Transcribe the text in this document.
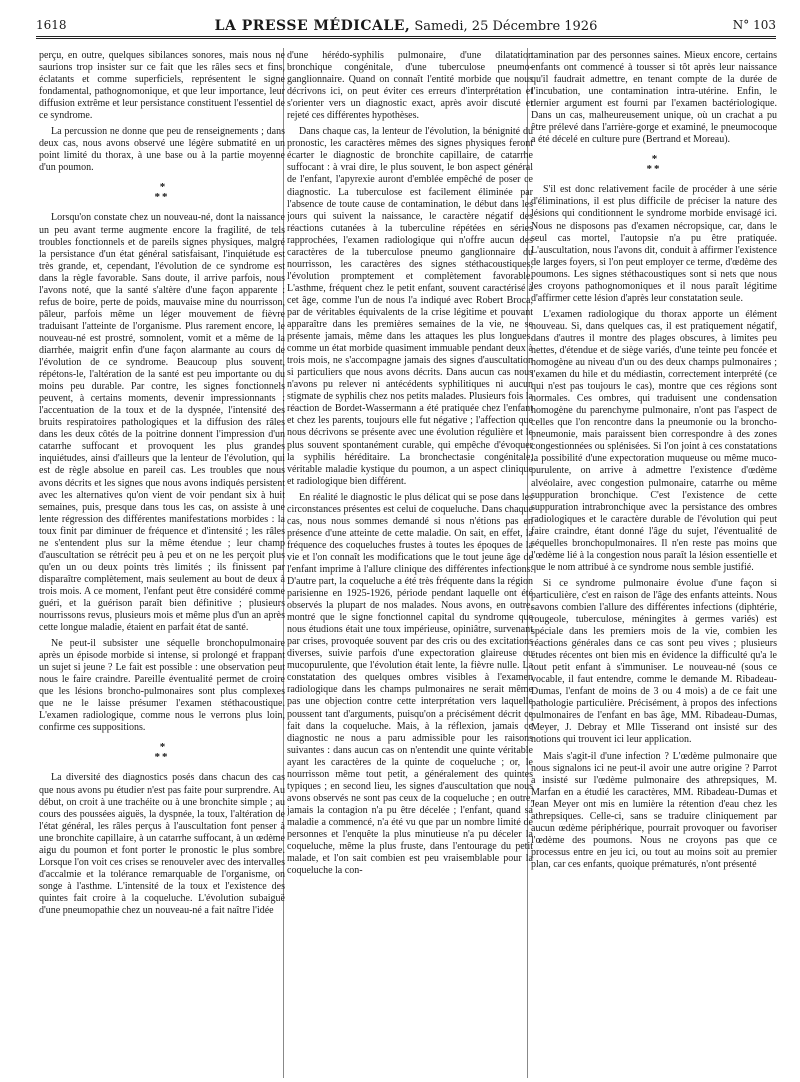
1618	LA PRESSE MÉDICALE, Samedi, 25 Décembre 1926	N° 103

perçu, en outre, quelques sibilances sonores, mais nous ne saurions trop insister sur ce fait que les râles secs et fins, éclatants et comme superficiels, représentent le signe fondamental, pathognomonique, et que leur importance, leur diffusion extrême et leur persistance constituent l'essentiel de ce syndrome.

La percussion ne donne que peu de renseignements ; dans deux cas, nous avons observé une légère submatité en un point limité du thorax, à une base ou à la partie moyenne d'un poumon.

*
**

Lorsqu'on constate chez un nouveau-né, dont la naissance un peu avant terme augmente encore la fragilité, de tels troubles fonctionnels et de pareils signes physiques, malgré la persistance d'un état général satisfaisant, l'inquiétude est très grande, et, cependant, l'évolution de ce syndrome est dans la règle favorable. Sans doute, il arrive parfois, nous l'avons noté, que la santé s'altère d'une façon apparente : refus de boire, perte de poids, mauvaise mine du nourrisson, pâleur, parfois même un léger mouvement de fièvre traduisant l'atteinte de l'organisme. Plus rarement encore, le nouveau-né est prostré, somnolent, vomit et a même de la diarrhée, maigrit enfin d'une façon alarmante au cours de l'évolution de ce syndrome. Beaucoup plus souvent, répétons-le, l'altération de la santé est peu importante ou du moins peu durable. Par contre, les signes fonctionnels peuvent, à certains moments, devenir impressionnants : l'accentuation de la toux et de la dyspnée, l'intensité des bruits respiratoires pathologiques et la diffusion des râles dans les deux côtés de la poitrine donnent l'impression d'un catarrhe suffocant et provoquent les plus grandes inquiétudes, ainsi d'ailleurs que la lenteur de l'évolution, qui est de règle absolue en pareil cas. Les troubles que nous avons décrits et les signes que nous avons indiqués persistent avec les alternatives qu'on vient de voir pendant six à huit semaines, puis, presque dans tous les cas, on assiste à une lente régression des différentes manifestations morbides : la toux finit par diminuer de fréquence et d'intensité ; les râles ne s'entendent plus sur la même étendue ; leur champ d'auscultation se rétrécit peu à peu et on ne les perçoit plus qu'en un ou deux points très limités ; ils finissent par disparaître complètement, mais seulement au bout de deux à trois mois. A ce moment, l'enfant peut être considéré comme guéri, et la guérison paraît bien définitive ; plusieurs nourrissons revus, plusieurs mois et même plus d'un an après cette longue maladie, étaient en parfait état de santé.

Ne peut-il subsister une séquelle bronchopulmonaire après un épisode morbide si intense, si prolongé et frappant un sujet si jeune ? Le fait est possible : une observation peut nous le faire craindre. Pareille éventualité permet de croire que les lésions broncho-pulmonaires sont plus complexes que ne le laisse présumer l'examen stéthacoustique. L'examen radiologique, comme nous le verrons plus loin, confirme ces suppositions.

*
**

La diversité des diagnostics posés dans chacun des cas que nous avons pu étudier n'est pas faite pour surprendre. Au début, on croit à une trachéite ou à une bronchite simple ; au cours des poussées aiguës, la dyspnée, la toux, l'altération de l'état général, les râles perçus à l'auscultation font penser à une bronchite capillaire, à un catarrhe suffocant, à un œdème aigu du poumon et font porter le pronostic le plus sombre. Lorsque l'on voit ces crises se renouveler avec des intervalles d'accalmie et la tolérance remarquable de l'organisme, on songe à l'asthme. L'intensité de la toux et l'existence des quintes fait croire à la coqueluche. L'évolution subaiguë d'une pneumopathie chez un nouveau-né a fait naître l'idée

d'une hérédo-syphilis pulmonaire, d'une dilatation bronchique congénitale, d'une tuberculose pneumo-ganglionnaire. Quand on connaît l'entité morbide que nous décrivons ici, on peut éviter ces erreurs d'interprétation et s'orienter vers un diagnostic exact, après avoir discuté et rejeté ces différentes hypothèses.

Dans chaque cas, la lenteur de l'évolution, la bénignité du pronostic, les caractères mêmes des signes physiques feront écarter le diagnostic de bronchite capillaire, de catarrhe suffocant : à vrai dire, le plus souvent, le bon aspect général de l'enfant, l'apyrexie auront d'emblée empêché de poser ce diagnostic. La tuberculose est facilement éliminée par l'absence de toute cause de contamination, le début dans les jours qui suivent la naissance, le caractère négatif des réactions cutanées à la tuberculine répétées en séries rapprochées, l'examen radiologique qui n'offre aucun des caractères de la tuberculose pneumo ganglionnaire du nourrisson, les caractères des signes stéthacoustiques, l'évolution promptement et complètement favorable. L'asthme, fréquent chez le petit enfant, souvent caractérisé à cet âge, comme l'un de nous l'a indiqué avec Robert Broca, par de véritables équivalents de la crise légitime et pouvant apparaître dans les premières semaines de la vie, ne se présente jamais, même dans les attaques les plus longues, comme un état morbide quasiment immuable pendant deux à trois mois, ne s'accompagne jamais des signes d'auscultation si particuliers que nous avons décrits. Dans aucun cas nous n'avons pu relever ni antécédents syphilitiques ni aucun stigmate de syphilis chez nos petits malades. Plusieurs fois la réaction de Bordet-Wassermann a été pratiquée chez l'enfant et chez les parents, toujours elle fut négative ; l'affection que nous décrivons se présente avec une évolution régulière et le plus souvent spontanément curable, qui empêche d'évoquer la syphilis héréditaire. La bronchectasie congénitale, véritable maladie kystique du poumon, a un aspect clinique et radiologique bien différent.

En réalité le diagnostic le plus délicat qui se pose dans les circonstances présentes est celui de coqueluche. Dans chaque cas, nous nous sommes demandé si nous n'étions pas en présence d'une atteinte de cette maladie. On sait, en effet, la fréquence des coqueluches frustes à toutes les époques de la vie et l'on connaît les modifications que le tout jeune âge de l'enfant imprime à l'allure clinique des différentes infections. D'autre part, la coqueluche a été très fréquente dans la région parisienne en 1925-1926, période pendant laquelle ont été observés la plupart de nos malades. Nous avons, en outre, montré que le signe fonctionnel capital du syndrome que nous étudions était une toux impérieuse, opiniâtre, survenant par crises, provoquée souvent par des cris ou des excitations diverses, suivie parfois d'une expectoration glaireuse ou mucopurulente, que l'évolution était lente, la fièvre nulle. La constatation des quelques ombres visibles à l'examen radiologique dans les champs pulmonaires ne serait même pas une objection contre cette interprétation vers laquelle poussent tant d'arguments, puisqu'on a précisément décrit ce fait dans la coqueluche. Mais, à la réflexion, jamais ce diagnostic ne nous a paru admissible pour les raisons suivantes : dans aucun cas on n'entendit une quinte véritable ayant les caractères de la quinte de coqueluche ; or, le nourrisson même tout petit, a généralement des quintes typiques ; en second lieu, les signes d'auscultation que nous avons observés ne sont pas ceux de la coqueluche ; en outre, jamais la contagion n'a pu être décelée ; l'enfant, quand sa maladie a commencé, n'a été vu que par un nombre limité de personnes et l'enquête la plus minutieuse n'a pu déceler la coqueluche, même la plus fruste, dans l'entourage du petit malade, et l'on sait combien est peu vraisemblable pour la coqueluche la con-

tamination par des personnes saines. Mieux encore, certains enfants ont commencé à tousser si tôt après leur naissance qu'il faudrait admettre, en tenant compte de la durée de l'incubation, une contamination intra-utérine. Enfin, le dernier argument est fourni par l'examen bactériologique. Dans un cas, malheureusement unique, où un crachat a pu être prélevé dans l'arrière-gorge et examiné, le pneumocoque a été décelé en culture pure (Bertrand et Moreau).

*
**

S'il est donc relativement facile de procéder à une série d'éliminations, il est plus difficile de préciser la nature des lésions qui conditionnent le syndrome morbide envisagé ici. Nous ne disposons pas d'examen nécropsique, car, dans le seul cas mortel, l'autopsie n'a pu être pratiquée. L'auscultation, nous l'avons dit, conduit à affirmer l'existence de larges foyers, si l'on peut employer ce terme, d'œdème des poumons. Les signes stéthacoustiques sont si nets que nous les croyons pathognomoniques et il nous paraît légitime d'affirmer cette lésion d'après leur constatation seule.

L'examen radiologique du thorax apporte un élément nouveau. Si, dans quelques cas, il est pratiquement négatif, dans d'autres il montre des plages obscures, à limites peu nettes, d'étendue et de siège variés, d'une teinte peu foncée et homogène au niveau d'un ou des deux champs pulmonaires ; l'examen du hile et du médiastin, correctement interprété (ce qui n'est pas toujours le cas), montre que ces régions sont normales. Ces ombres, qui traduisent une condensation homogène du parenchyme pulmonaire, n'ont pas l'aspect de celles que l'on rencontre dans la pneumonie ou la broncho-pneumonie, mais paraissent bien correspondre à des zones congestionnées ou splénisées. Si l'on joint à ces constatations la possibilité d'une expectoration muqueuse ou même muco-purulente, on arrive à admettre l'existence d'œdème alvéolaire, avec congestion pulmonaire, catarrhe ou même suppuration bronchique. C'est l'existence de cette suppuration intrabronchique avec la persistance des ombres radiologiques et le caractère durable de l'évolution qui peut faire craindre, étant donné l'âge du sujet, l'éventualité de séquelles bronchopulmonaires. Il n'en reste pas moins que l'œdème lié à la congestion nous paraît la lésion essentielle et que le nom attribué à ce syndrome nous semble justifié.

Si ce syndrome pulmonaire évolue d'une façon si particulière, c'est en raison de l'âge des enfants atteints. Nous savons combien l'allure des différentes infections (diphtérie, rougeole, tuberculose, méningites à germes variés) est spéciale dans les premiers mois de la vie, combien les réactions générales dans ce cas sont peu vives ; plusieurs études récentes ont bien mis en évidence la difficulté qu'a le tout petit enfant à s'immuniser. Le nouveau-né (sous ce vocable, il faut entendre, comme le demande M. Ribadeau-Dumas, l'enfant de moins de 3 ou 4 mois) a de ce fait une pathologie particulière. Précisément, à propos des infections pulmonaires de l'enfant en bas âge, MM. Ribadeau-Dumas, Meyer, J. Debray et Mlle Tisserand ont insisté sur des notions qui trouvent ici leur application.

Mais s'agit-il d'une infection ? L'œdème pulmonaire que nous signalons ici ne peut-il avoir une autre origine ? Parrot a insisté sur l'œdème pulmonaire des athrepsiques, M. Marfan en a étudié les caractères, MM. Ribadeau-Dumas et Jean Meyer ont mis en lumière la rétention d'eau chez les athrepsiques. Celle-ci, sans se traduire cliniquement par aucun œdème périphérique, pourrait provoquer ou favoriser l'œdème des poumons. Nous ne croyons pas que ce processus entre en jeu ici, ou tout au moins soit au premier plan, car ces enfants, quoique prématurés, n'ont présenté
